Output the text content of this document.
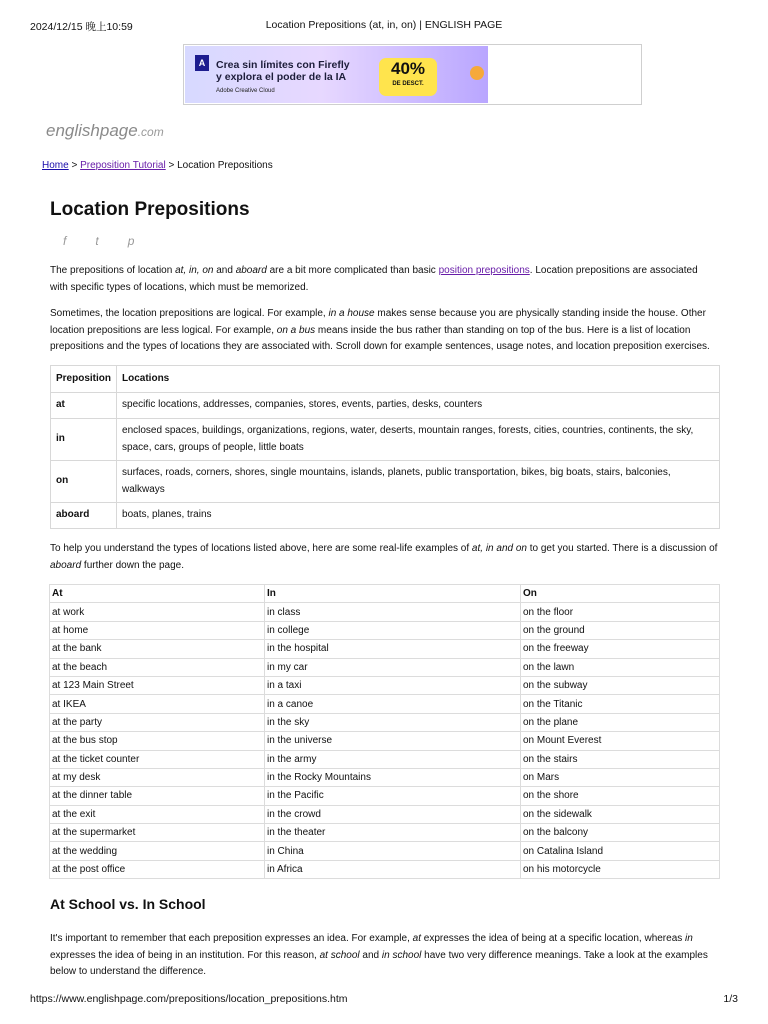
2024/12/15 晚上10:59	Location Prepositions (at, in, on) | ENGLISH PAGE
A	Crea sin límites con Firefly
y explora el poder de la IA
Adobe Creative Cloud
40%
DE DESCT.
englishpage.com
Home > Preposition Tutorial > Location Prepositions
Location Prepositions
f t p

The prepositions of location at, in, on and aboard are a bit more complicated than basic position prepositions. Location prepositions are associated with specific types of locations, which must be memorized.

Sometimes, the location prepositions are logical. For example, in a house makes sense because you are physically standing inside the house. Other location prepositions are less logical. For example, on a bus means inside the bus rather than standing on top of the bus. Here is a list of location prepositions and the types of locations they are associated with. Scroll down for example sentences, usage notes, and location preposition exercises.

Preposition	Locations
at	specific locations, addresses, companies, stores, events, parties, desks, counters
in	enclosed spaces, buildings, organizations, regions, water, deserts, mountain ranges, forests, cities, countries, continents, the sky, space, cars, groups of people, little boats
on	surfaces, roads, corners, shores, single mountains, islands, planets, public transportation, bikes, big boats, stairs, balconies, walkways
aboard	boats, planes, trains

To help you understand the types of locations listed above, here are some real-life examples of at, in and on to get you started. There is a discussion of aboard further down the page.

At	In	On
at work	in class	on the floor
at home	in college	on the ground
at the bank	in the hospital	on the freeway
at the beach	in my car	on the lawn
at 123 Main Street	in a taxi	on the subway
at IKEA	in a canoe	on the Titanic
at the party	in the sky	on the plane
at the bus stop	in the universe	on Mount Everest
at the ticket counter	in the army	on the stairs
at my desk	in the Rocky Mountains	on Mars
at the dinner table	in the Pacific	on the shore
at the exit	in the crowd	on the sidewalk
at the supermarket	in the theater	on the balcony
at the wedding	in China	on Catalina Island
at the post office	in Africa	on his motorcycle
At School vs. In School

It's important to remember that each preposition expresses an idea. For example, at expresses the idea of being at a specific location, whereas in expresses the idea of being in an institution. For this reason, at school and in school have two very difference meanings. Take a look at the examples below to understand the difference.

https://www.englishpage.com/prepositions/location_prepositions.htm	1/3
